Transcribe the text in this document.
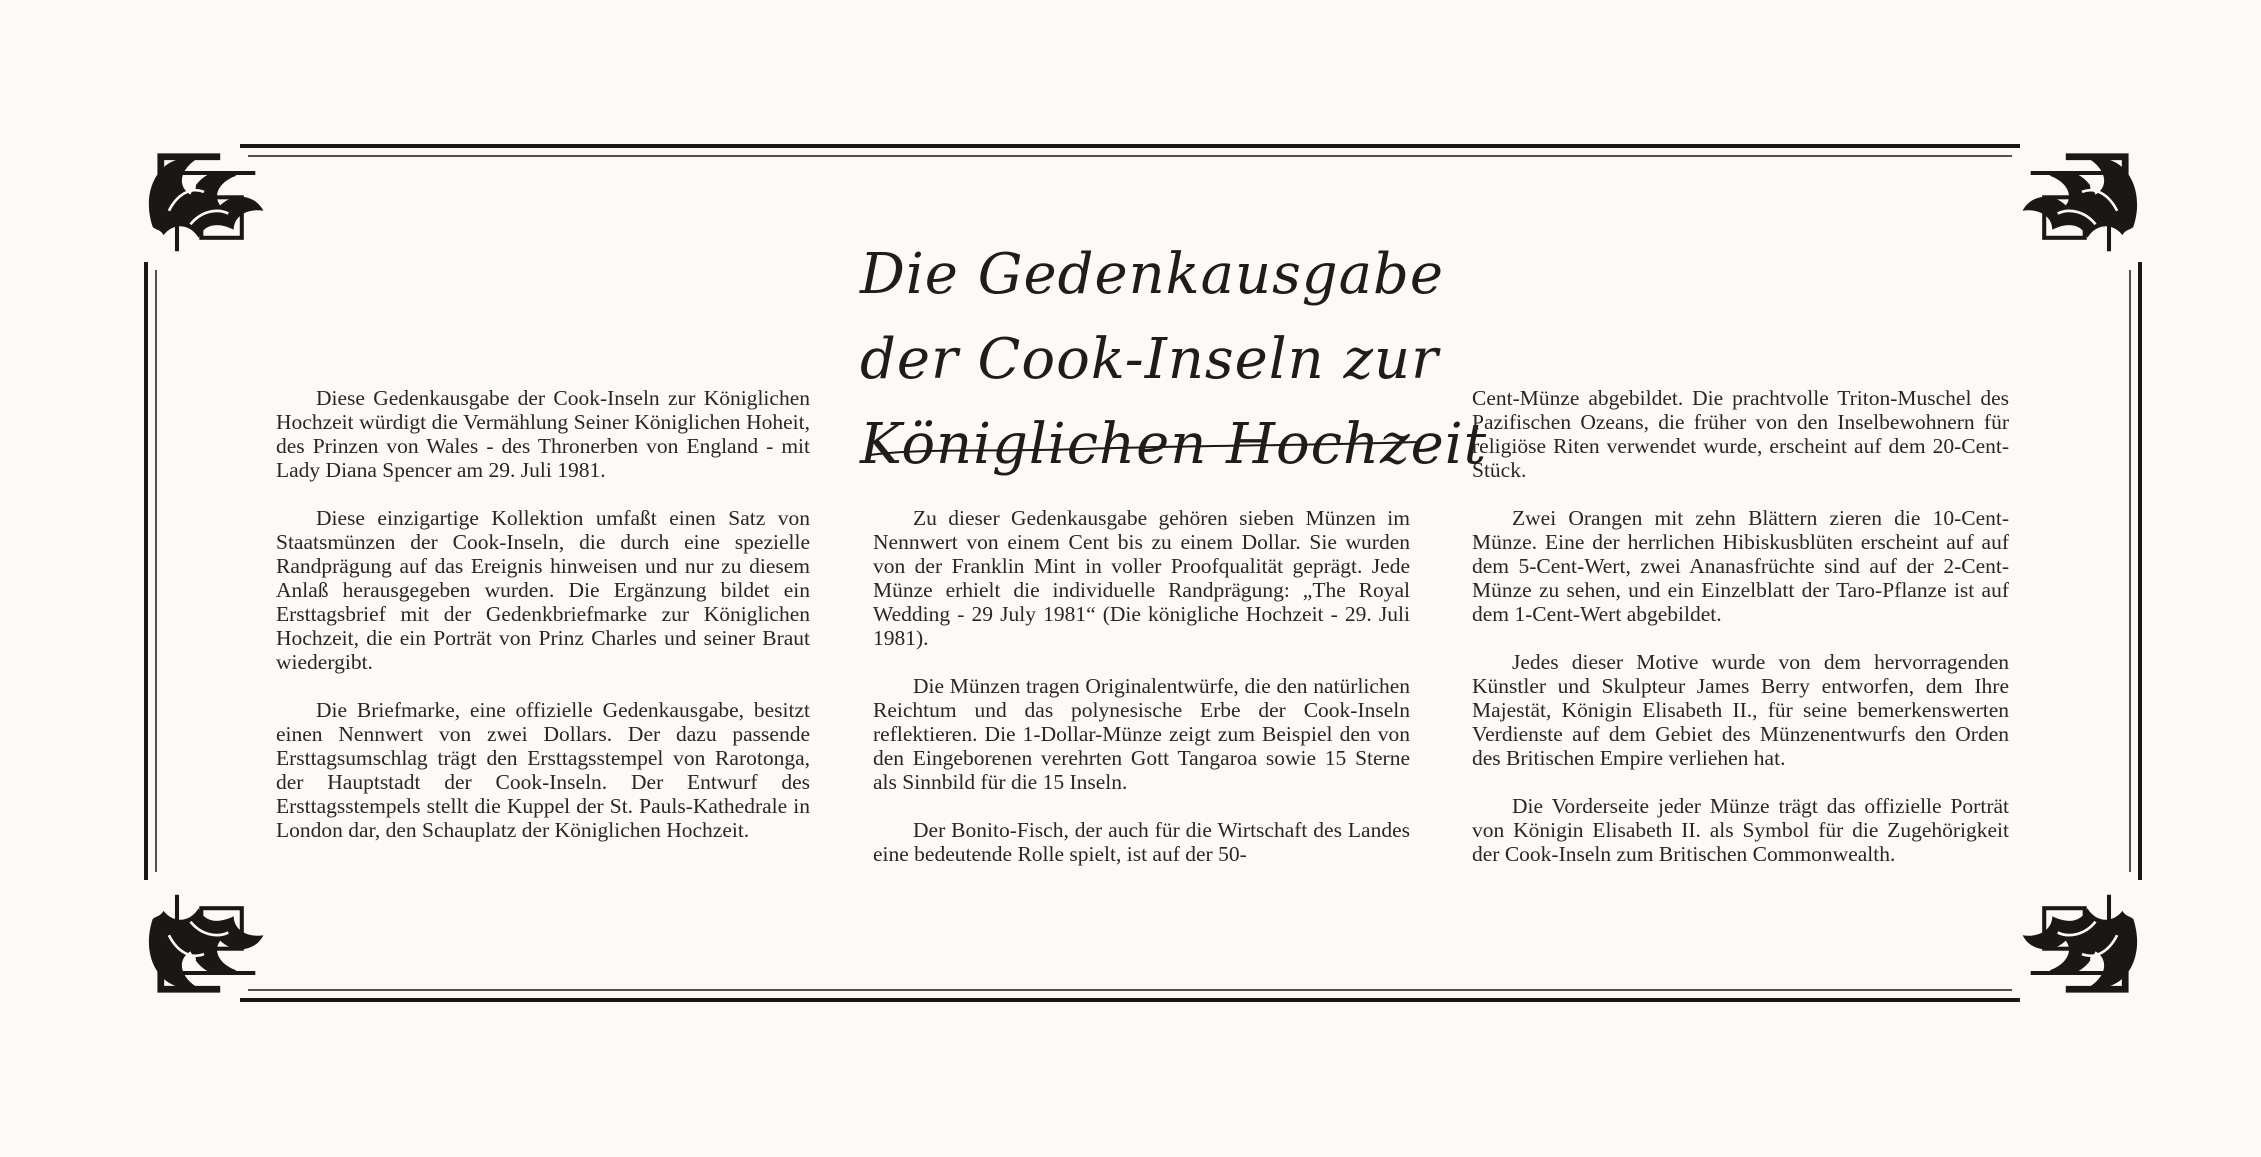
Die Gedenkausgabe
der Cook-Inseln zur
Königlichen Hochzeit

Diese Gedenkausgabe der Cook-Inseln zur Königlichen Hochzeit würdigt die Vermählung Seiner Königlichen Hoheit, des Prinzen von Wales - des Thronerben von England - mit Lady Diana Spencer am 29. Juli 1981.

Diese einzigartige Kollektion umfaßt einen Satz von Staatsmünzen der Cook-Inseln, die durch eine spezielle Randprägung auf das Ereignis hinweisen und nur zu diesem Anlaß herausgegeben wurden. Die Ergänzung bildet ein Ersttagsbrief mit der Gedenkbriefmarke zur Königlichen Hochzeit, die ein Porträt von Prinz Charles und seiner Braut wiedergibt.

Die Briefmarke, eine offizielle Gedenkausgabe, besitzt einen Nennwert von zwei Dollars. Der dazu passende Ersttagsumschlag trägt den Ersttagsstempel von Rarotonga, der Hauptstadt der Cook-Inseln. Der Entwurf des Ersttagsstempels stellt die Kuppel der St. Pauls-Kathedrale in London dar, den Schauplatz der Königlichen Hochzeit.

Zu dieser Gedenkausgabe gehören sieben Münzen im Nennwert von einem Cent bis zu einem Dollar. Sie wurden von der Franklin Mint in voller Proofqualität geprägt. Jede Münze erhielt die individuelle Randprägung: „The Royal Wedding - 29 July 1981“ (Die königliche Hochzeit - 29. Juli 1981).

Die Münzen tragen Originalentwürfe, die den natürlichen Reichtum und das polynesische Erbe der Cook-Inseln reflektieren. Die 1-Dollar-Münze zeigt zum Beispiel den von den Eingeborenen verehrten Gott Tangaroa sowie 15 Sterne als Sinnbild für die 15 Inseln.

Der Bonito-Fisch, der auch für die Wirtschaft des Landes eine bedeutende Rolle spielt, ist auf der 50-

Cent-Münze abgebildet. Die prachtvolle Triton-Muschel des Pazifischen Ozeans, die früher von den Inselbewohnern für religiöse Riten verwendet wurde, erscheint auf dem 20-Cent-Stück.

Zwei Orangen mit zehn Blättern zieren die 10-Cent-Münze. Eine der herrlichen Hibiskusblüten erscheint auf auf dem 5-Cent-Wert, zwei Ananasfrüchte sind auf der 2-Cent-Münze zu sehen, und ein Einzelblatt der Taro-Pflanze ist auf dem 1-Cent-Wert abgebildet.

Jedes dieser Motive wurde von dem hervorragenden Künstler und Skulpteur James Berry entworfen, dem Ihre Majestät, Königin Elisabeth II., für seine bemerkenswerten Verdienste auf dem Gebiet des Münzenentwurfs den Orden des Britischen Empire verliehen hat.

Die Vorderseite jeder Münze trägt das offizielle Porträt von Königin Elisabeth II. als Symbol für die Zugehörigkeit der Cook-Inseln zum Britischen Commonwealth.
